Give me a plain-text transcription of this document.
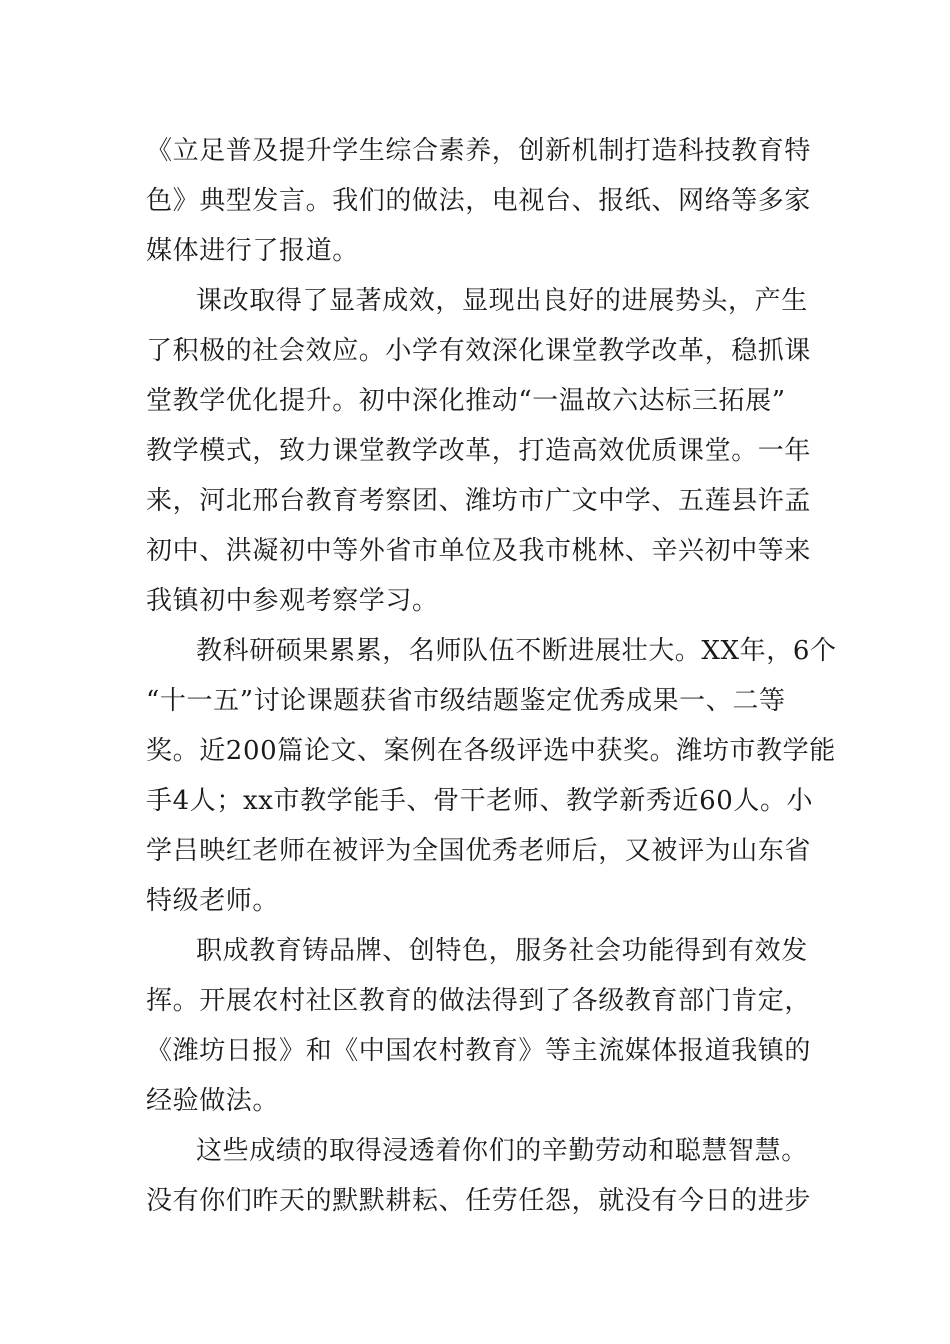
《立足普及提升学生综合素养，创新机制打造科技教育特
色》典型发言。我们的做法，电视台、报纸、网络等多家
媒体进行了报道。
课改取得了显著成效，显现出良好的进展势头，产生
了积极的社会效应。小学有效深化课堂教学改革，稳抓课
堂教学优化提升。初中深化推动“一温故六达标三拓展”
教学模式，致力课堂教学改革，打造高效优质课堂。一年
来，河北邢台教育考察团、潍坊市广文中学、五莲县许孟
初中、洪凝初中等外省市单位及我市桃林、辛兴初中等来
我镇初中参观考察学习。
教科研硕果累累，名师队伍不断进展壮大。XX年，6个
“十一五”讨论课题获省市级结题鉴定优秀成果一、二等
奖。近200篇论文、案例在各级评选中获奖。潍坊市教学能
手4人；xx市教学能手、骨干老师、教学新秀近60人。小
学吕映红老师在被评为全国优秀老师后，又被评为山东省
特级老师。
职成教育铸品牌、创特色，服务社会功能得到有效发
挥。开展农村社区教育的做法得到了各级教育部门肯定，
《潍坊日报》和《中国农村教育》等主流媒体报道我镇的
经验做法。
这些成绩的取得浸透着你们的辛勤劳动和聪慧智慧。
没有你们昨天的默默耕耘、任劳任怨，就没有今日的进步
